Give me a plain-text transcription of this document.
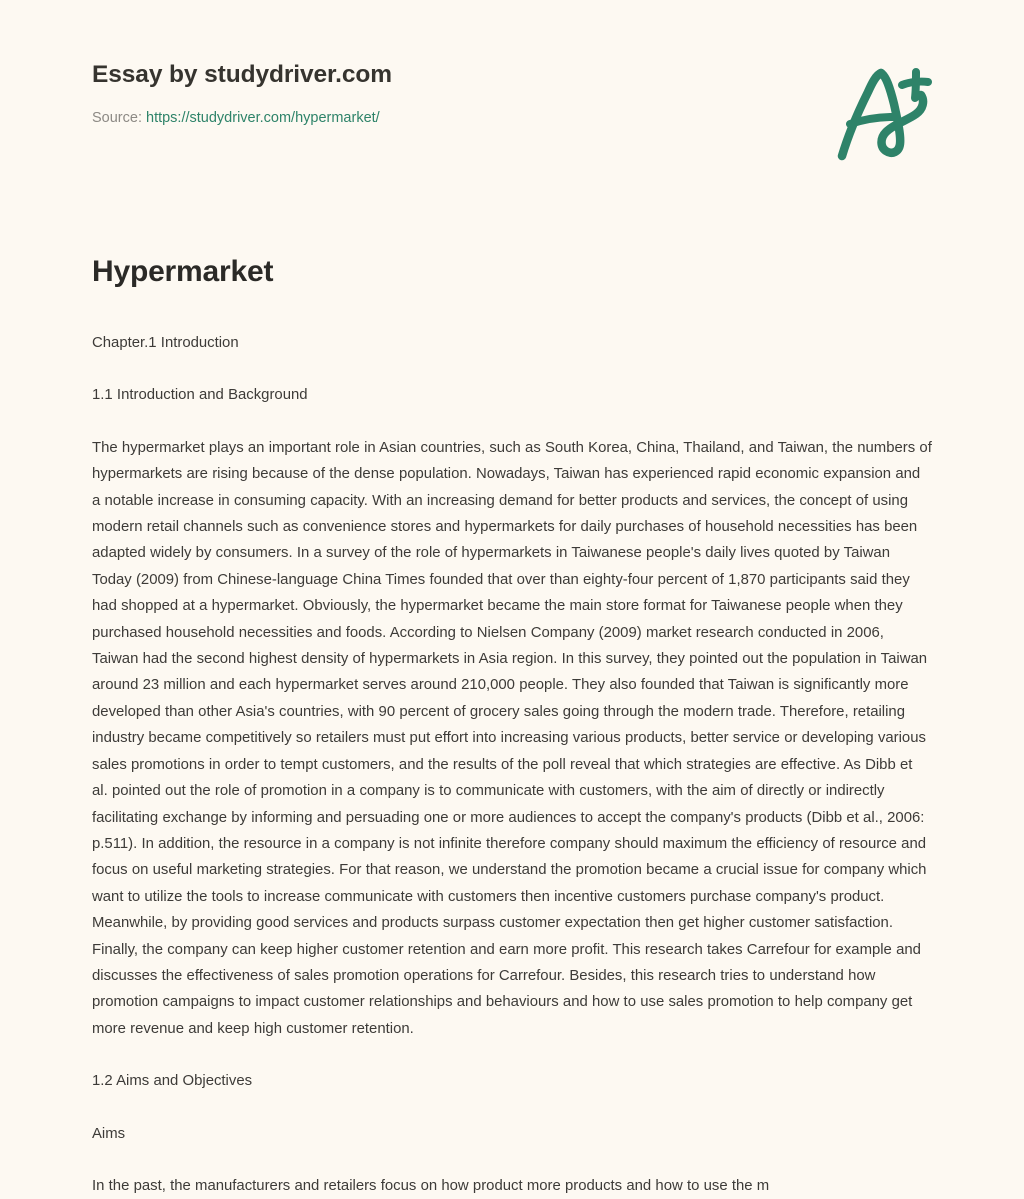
Essay by studydriver.com
Source: https://studydriver.com/hypermarket/
Hypermarket

Chapter.1 Introduction

1.1 Introduction and Background

The hypermarket plays an important role in Asian countries, such as South Korea, China, Thailand, and Taiwan, the numbers of hypermarkets are rising because of the dense population. Nowadays, Taiwan has experienced rapid economic expansion and a notable increase in consuming capacity. With an increasing demand for better products and services, the concept of using modern retail channels such as convenience stores and hypermarkets for daily purchases of household necessities has been adapted widely by consumers. In a survey of the role of hypermarkets in Taiwanese people's daily lives quoted by Taiwan Today (2009) from Chinese-language China Times founded that over than eighty-four percent of 1,870 participants said they had shopped at a hypermarket. Obviously, the hypermarket became the main store format for Taiwanese people when they purchased household necessities and foods. According to Nielsen Company (2009) market research conducted in 2006, Taiwan had the second highest density of hypermarkets in Asia region. In this survey, they pointed out the population in Taiwan around 23 million and each hypermarket serves around 210,000 people. They also founded that Taiwan is significantly more developed than other Asia's countries, with 90 percent of grocery sales going through the modern trade. Therefore, retailing industry became competitively so retailers must put effort into increasing various products, better service or developing various sales promotions in order to tempt customers, and the results of the poll reveal that which strategies are effective. As Dibb et al. pointed out the role of promotion in a company is to communicate with customers, with the aim of directly or indirectly facilitating exchange by informing and persuading one or more audiences to accept the company's products (Dibb et al., 2006: p.511). In addition, the resource in a company is not infinite therefore company should maximum the efficiency of resource and focus on useful marketing strategies. For that reason, we understand the promotion became a crucial issue for company which want to utilize the tools to increase communicate with customers then incentive customers purchase company's product. Meanwhile, by providing good services and products surpass customer expectation then get higher customer satisfaction. Finally, the company can keep higher customer retention and earn more profit. This research takes Carrefour for example and discusses the effectiveness of sales promotion operations for Carrefour. Besides, this research tries to understand how promotion campaigns to impact customer relationships and behaviours and how to use sales promotion to help company get more revenue and keep high customer retention.

1.2 Aims and Objectives

Aims

In the past, the manufacturers and retailers focus on how product more products and how to use the m
